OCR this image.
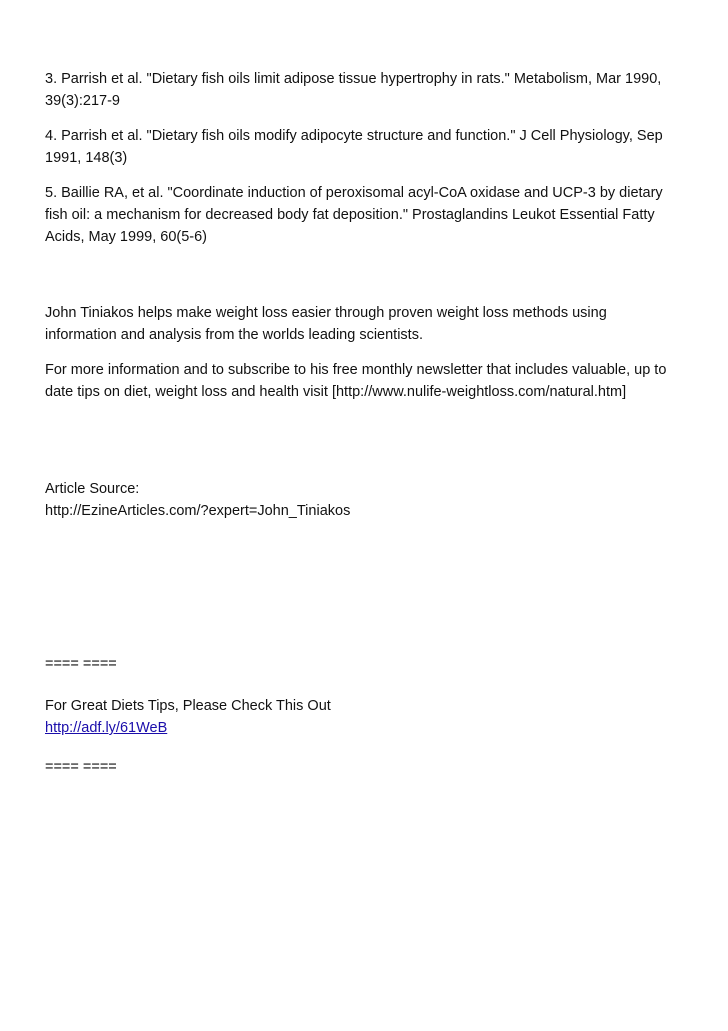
3. Parrish et al. "Dietary fish oils limit adipose tissue hypertrophy in rats." Metabolism, Mar 1990,
39(3):217-9
4. Parrish et al. "Dietary fish oils modify adipocyte structure and function." J Cell Physiology, Sep
1991, 148(3)
5. Baillie RA, et al. "Coordinate induction of peroxisomal acyl-CoA oxidase and UCP-3 by dietary
fish oil: a mechanism for decreased body fat deposition." Prostaglandins Leukot Essential Fatty
Acids, May 1999, 60(5-6)
John Tiniakos helps make weight loss easier through proven weight loss methods using
information and analysis from the worlds leading scientists.
For more information and to subscribe to his free monthly newsletter that includes valuable, up to
date tips on diet, weight loss and health visit [http://www.nulife-weightloss.com/natural.htm]
Article Source:
http://EzineArticles.com/?expert=John_Tiniakos
==== ====
For Great Diets Tips, Please Check This Out
http://adf.ly/61WeB
==== ====
